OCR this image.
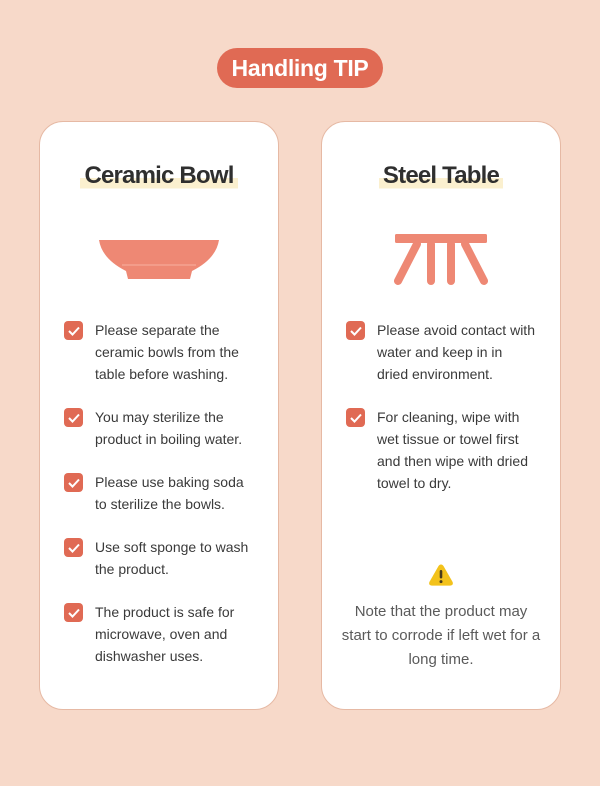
Handling TIP
Ceramic Bowl
Please separate the ceramic bowls from the table before washing.
You may sterilize the product in boiling water.
Please use baking soda to sterilize the bowls.
Use soft sponge to wash the product.
The product is safe for microwave, oven and dishwasher uses.
Steel Table
Please avoid contact with water and keep in in dried environment.
For cleaning, wipe with wet tissue or towel first and then wipe with dried towel to dry.
Note that the product may start to corrode if left wet for a long time.
